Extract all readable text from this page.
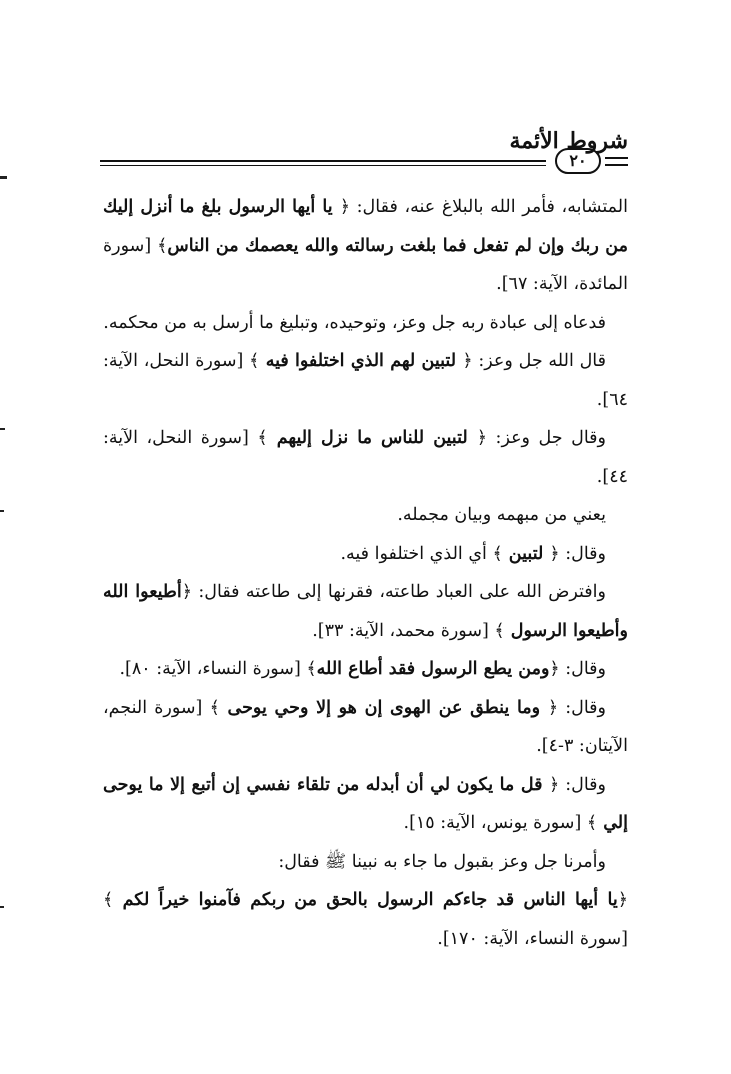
شروط الأئمة
٢٠

المتشابه، فأمر الله بالبلاغ عنه، فقال: ﴿ يا أيها الرسول بلغ ما أنزل إليك من ربك وإن لم تفعل فما بلغت رسالته والله يعصمك من الناس﴾ [سورة المائدة، الآية: ٦٧].

فدعاه إلى عبادة ربه جل وعز، وتوحيده، وتبليغ ما أرسل به من محكمه.

قال الله جل وعز: ﴿ لتبين لهم الذي اختلفوا فيه ﴾ [سورة النحل، الآية: ٦٤].

وقال جل وعز: ﴿ لتبين للناس ما نزل إليهم ﴾ [سورة النحل، الآية: ٤٤].

يعني من مبهمه وبيان مجمله.

وقال: ﴿ لتبين ﴾ أي الذي اختلفوا فيه.

وافترض الله على العباد طاعته، فقرنها إلى طاعته فقال: ﴿أطيعوا الله وأطيعوا الرسول ﴾ [سورة محمد، الآية: ٣٣].

وقال: ﴿ومن يطع الرسول فقد أطاع الله﴾ [سورة النساء، الآية: ٨٠].

وقال: ﴿ وما ينطق عن الهوى إن هو إلا وحي يوحى ﴾ [سورة النجم، الآيتان: ٣-٤].

وقال: ﴿ قل ما يكون لي أن أبدله من تلقاء نفسي إن أتبع إلا ما يوحى إلي ﴾ [سورة يونس، الآية: ١٥].

وأمرنا جل وعز بقبول ما جاء به نبينا ﷺ فقال:

﴿يا أيها الناس قد جاءكم الرسول بالحق من ربكم فآمنوا خيراً لكم ﴾ [سورة النساء، الآية: ١٧٠].
